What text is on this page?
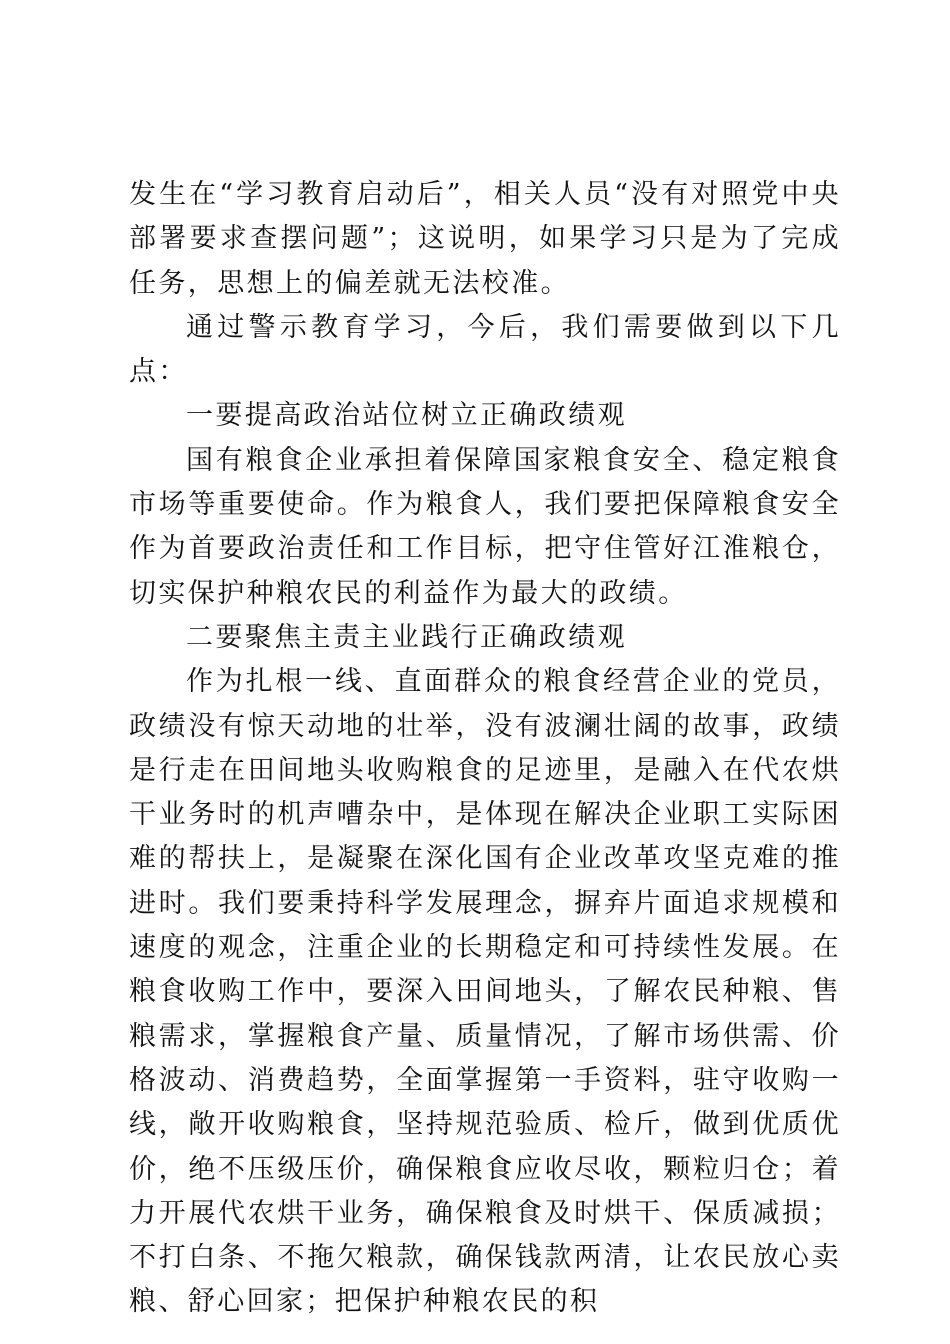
发生在“学习教育启动后”，相关人员“没有对照党中央部署要求查摆问题”；这说明，如果学习只是为了完成任务，思想上的偏差就无法校准。

通过警示教育学习，今后，我们需要做到以下几点：

一要提高政治站位树立正确政绩观

国有粮食企业承担着保障国家粮食安全、稳定粮食市场等重要使命。作为粮食人，我们要把保障粮食安全作为首要政治责任和工作目标，把守住管好江淮粮仓，切实保护种粮农民的利益作为最大的政绩。

二要聚焦主责主业践行正确政绩观

作为扎根一线、直面群众的粮食经营企业的党员，政绩没有惊天动地的壮举，没有波澜壮阔的故事，政绩是行走在田间地头收购粮食的足迹里，是融入在代农烘干业务时的机声嘈杂中，是体现在解决企业职工实际困难的帮扶上，是凝聚在深化国有企业改革攻坚克难的推进时。我们要秉持科学发展理念，摒弃片面追求规模和速度的观念，注重企业的长期稳定和可持续性发展。在粮食收购工作中，要深入田间地头，了解农民种粮、售粮需求，掌握粮食产量、质量情况，了解市场供需、价格波动、消费趋势，全面掌握第一手资料，驻守收购一线，敞开收购粮食，坚持规范验质、检斤，做到优质优价，绝不压级压价，确保粮食应收尽收，颗粒归仓；着力开展代农烘干业务，确保粮食及时烘干、保质减损；不打白条、不拖欠粮款，确保钱款两清，让农民放心卖粮、舒心回家；把保护种粮农民的积
